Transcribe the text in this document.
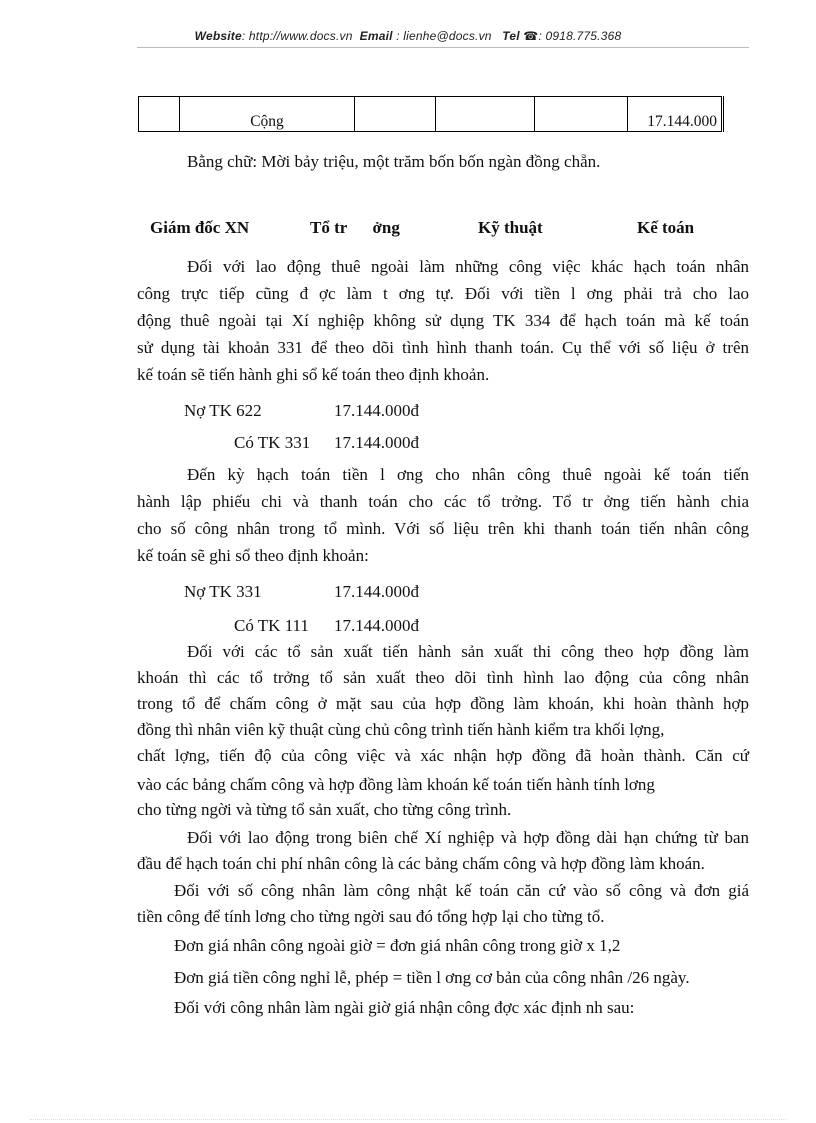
Website: http://www.docs.vn Email : lienhe@docs.vn Tel ☎: 0918.775.368
	Cộng				17.144.000
Bằng chữ: Mời bảy triệu, một trăm bốn bốn ngàn đồng chẵn.
Giám đốc XN	Tổ tr      ởng	Kỹ thuật	Kế toán
Đối với lao động thuê ngoài làm những công việc khác hạch toán nhân
công trực tiếp cũng đ ợc làm t ơng tự. Đối với tiền l ơng phải trả cho lao
động thuê ngoài tại Xí nghiệp không sử dụng TK 334 để hạch toán mà kế toán
sử dụng tài khoản 331 để theo dõi tình hình thanh toán. Cụ thể với số liệu ở trên
kế toán sẽ tiến hành ghi sổ kế toán theo định khoản.
Nợ TK 622	17.144.000đ
Có TK 331 17.144.000đ
Đến kỳ hạch toán tiền l ơng cho nhân công thuê ngoài kế toán tiến
hành lập phiếu chi và thanh toán cho các tổ trởng. Tổ tr ởng tiến hành chia
cho số công nhân trong tổ mình. Với số liệu trên khi thanh toán tiến nhân công
kế toán sẽ ghi sổ theo định khoản:
Nợ TK 331	17.144.000đ
Có TK 111 17.144.000đ
Đối với các tổ sản xuất tiến hành sản xuất thi công theo hợp đồng làm
khoán thì các tổ trởng tổ sản xuất theo dõi tình hình lao động của công nhân
trong tổ để chấm công ở mặt sau của hợp đồng làm khoán, khi hoàn thành hợp
đồng thì nhân viên kỹ thuật cùng chủ công trình tiến hành kiểm tra khối lợng,
chất lợng, tiến độ của công việc và xác nhận hợp đồng đã hoàn thành. Căn cứ
vào các bảng chấm công và hợp đồng làm khoán kế toán tiến hành tính lơng
cho từng ngời và từng tổ sản xuất, cho từng công trình.
Đối với lao động trong biên chế Xí nghiệp và hợp đồng dài hạn chứng từ ban
đầu để hạch toán chi phí nhân công là các bảng chấm công và hợp đồng làm khoán.
Đối với số công nhân làm công nhật kế toán căn cứ vào số công và đơn giá
tiền công để tính lơng cho từng ngời sau đó tổng hợp lại cho từng tổ.
Đơn giá nhân công ngoài giờ = đơn giá nhân công trong giờ x 1,2
Đơn giá tiền công nghỉ lễ, phép = tiền l ơng cơ bản của công nhân /26 ngày.
Đối với công nhân làm ngài giờ giá nhận công đợc xác định nh sau:
